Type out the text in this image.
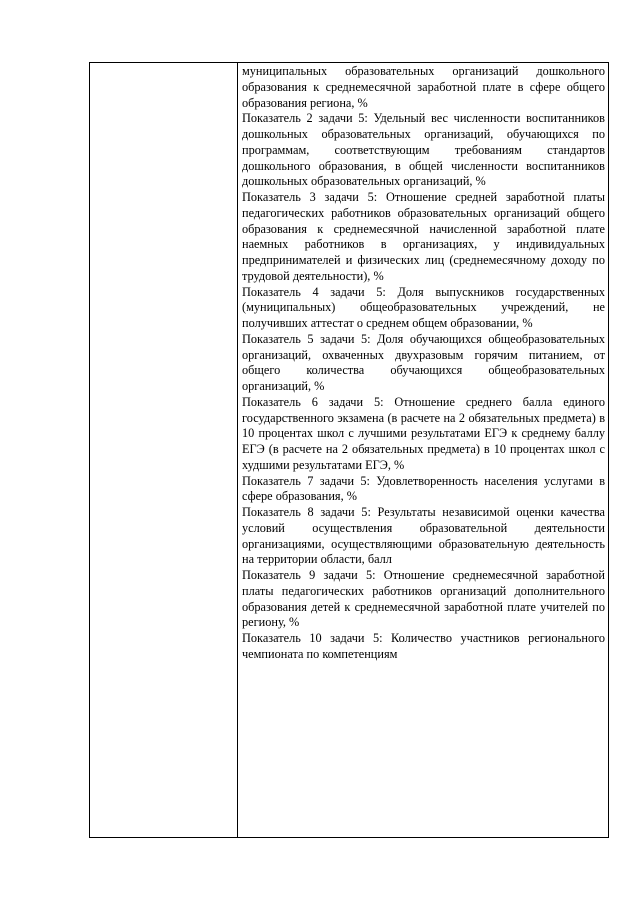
муниципальных образовательных организаций дошкольного образования к среднемесячной заработной плате в сфере общего образования региона, %

Показатель 2 задачи 5: Удельный вес численности воспитанников дошкольных образовательных организаций, обучающихся по программам, соответствующим требованиям стандартов дошкольного образования, в общей численности воспитанников дошкольных образовательных организаций, %

Показатель 3 задачи 5: Отношение средней заработной платы педагогических работников образовательных организаций общего образования к среднемесячной начисленной заработной плате наемных работников в организациях, у индивидуальных предпринимателей и физических лиц (среднемесячному доходу по трудовой деятельности), %

Показатель 4 задачи 5: Доля выпускников государственных (муниципальных) общеобразовательных учреждений, не получивших аттестат о среднем общем образовании, %

Показатель 5 задачи 5: Доля обучающихся общеобразовательных организаций, охваченных двухразовым горячим питанием, от общего количества обучающихся общеобразовательных организаций, %

Показатель 6 задачи 5: Отношение среднего балла единого государственного экзамена (в расчете на 2 обязательных предмета) в 10 процентах школ с лучшими результатами ЕГЭ к среднему баллу ЕГЭ (в расчете на 2 обязательных предмета) в 10 процентах школ с худшими результатами ЕГЭ, %

Показатель 7 задачи 5: Удовлетворенность населения услугами в сфере образования, %

Показатель 8 задачи 5: Результаты независимой оценки качества условий осуществления образовательной деятельности организациями, осуществляющими образовательную деятельность на территории области, балл

Показатель 9 задачи 5: Отношение среднемесячной заработной платы педагогических работников организаций дополнительного образования детей к среднемесячной заработной плате учителей по региону, %

Показатель 10 задачи 5: Количество участников регионального чемпионата по компетенциям
